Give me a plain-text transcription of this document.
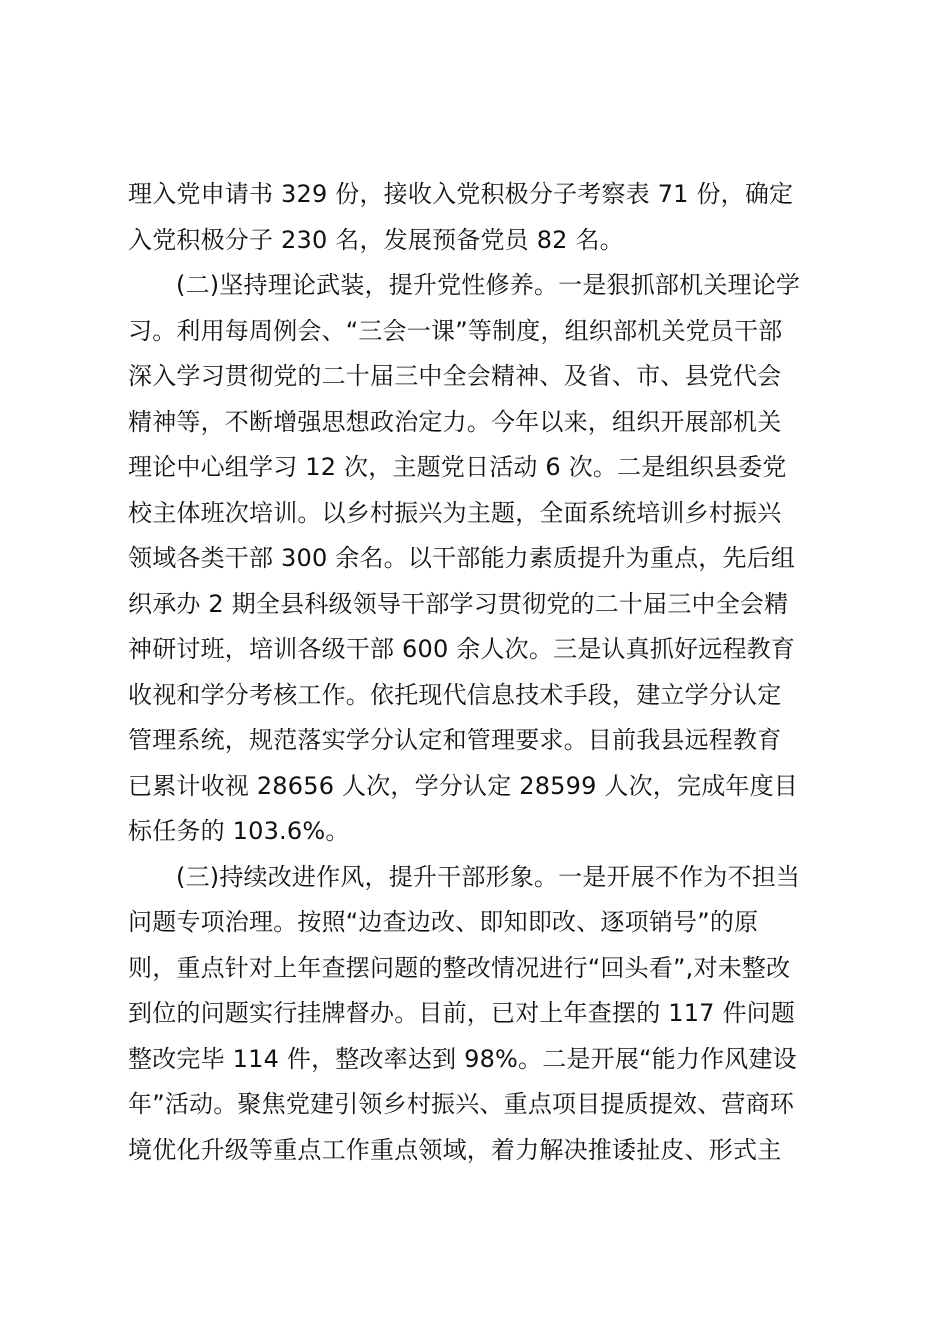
理入党申请书 329 份，接收入党积极分子考察表 71 份，确定
入党积极分子 230 名，发展预备党员 82 名。
(二)坚持理论武装，提升党性修养。一是狠抓部机关理论学
习。利用每周例会、“三会一课”等制度，组织部机关党员干部
深入学习贯彻党的二十届三中全会精神、及省、市、县党代会
精神等，不断增强思想政治定力。今年以来，组织开展部机关
理论中心组学习 12 次，主题党日活动 6 次。二是组织县委党
校主体班次培训。以乡村振兴为主题，全面系统培训乡村振兴
领域各类干部 300 余名。以干部能力素质提升为重点，先后组
织承办 2 期全县科级领导干部学习贯彻党的二十届三中全会精
神研讨班，培训各级干部 600 余人次。三是认真抓好远程教育
收视和学分考核工作。依托现代信息技术手段，建立学分认定
管理系统，规范落实学分认定和管理要求。目前我县远程教育
已累计收视 28656 人次，学分认定 28599 人次，完成年度目
标任务的 103.6%。
(三)持续改进作风，提升干部形象。一是开展不作为不担当
问题专项治理。按照“边查边改、即知即改、逐项销号”的原
则，重点针对上年查摆问题的整改情况进行“回头看”,对未整改
到位的问题实行挂牌督办。目前，已对上年查摆的 117 件问题
整改完毕 114 件，整改率达到 98%。二是开展“能力作风建设
年”活动。聚焦党建引领乡村振兴、重点项目提质提效、营商环
境优化升级等重点工作重点领域，着力解决推诿扯皮、形式主
